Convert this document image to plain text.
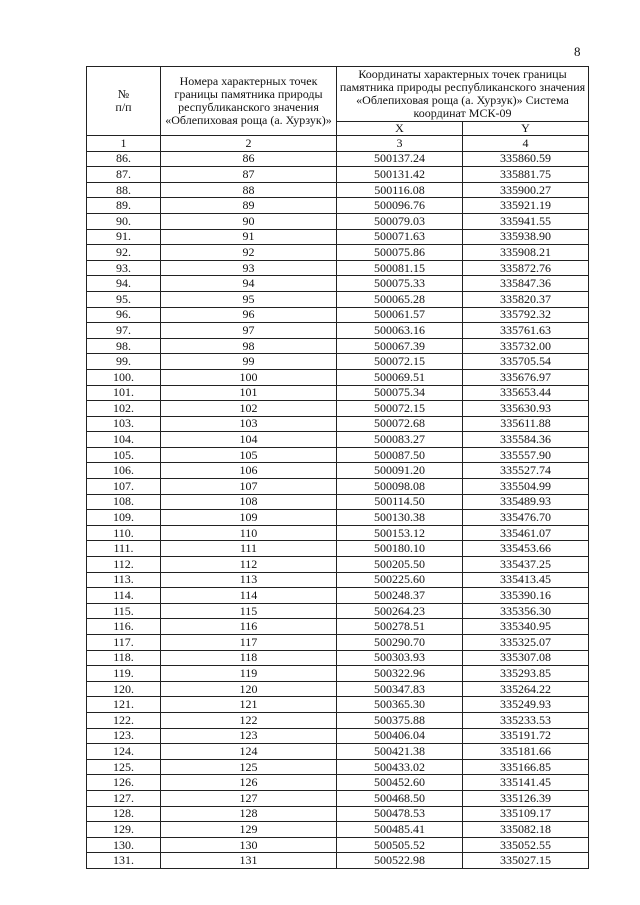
8
№
п/п	Номера характерных точек границы памятника природы республиканского значения «Облепиховая роща (а. Хурзук)»	Координаты характерных точек границы памятника природы республиканского значения «Облепиховая роща (а. Хурзук)» Система координат МСК-09	
		X	Y
1	2	3	4
86.	86	500137.24	335860.59
87.	87	500131.42	335881.75
88.	88	500116.08	335900.27
89.	89	500096.76	335921.19
90.	90	500079.03	335941.55
91.	91	500071.63	335938.90
92.	92	500075.86	335908.21
93.	93	500081.15	335872.76
94.	94	500075.33	335847.36
95.	95	500065.28	335820.37
96.	96	500061.57	335792.32
97.	97	500063.16	335761.63
98.	98	500067.39	335732.00
99.	99	500072.15	335705.54
100.	100	500069.51	335676.97
101.	101	500075.34	335653.44
102.	102	500072.15	335630.93
103.	103	500072.68	335611.88
104.	104	500083.27	335584.36
105.	105	500087.50	335557.90
106.	106	500091.20	335527.74
107.	107	500098.08	335504.99
108.	108	500114.50	335489.93
109.	109	500130.38	335476.70
110.	110	500153.12	335461.07
111.	111	500180.10	335453.66
112.	112	500205.50	335437.25
113.	113	500225.60	335413.45
114.	114	500248.37	335390.16
115.	115	500264.23	335356.30
116.	116	500278.51	335340.95
117.	117	500290.70	335325.07
118.	118	500303.93	335307.08
119.	119	500322.96	335293.85
120.	120	500347.83	335264.22
121.	121	500365.30	335249.93
122.	122	500375.88	335233.53
123.	123	500406.04	335191.72
124.	124	500421.38	335181.66
125.	125	500433.02	335166.85
126.	126	500452.60	335141.45
127.	127	500468.50	335126.39
128.	128	500478.53	335109.17
129.	129	500485.41	335082.18
130.	130	500505.52	335052.55
131.	131	500522.98	335027.15
